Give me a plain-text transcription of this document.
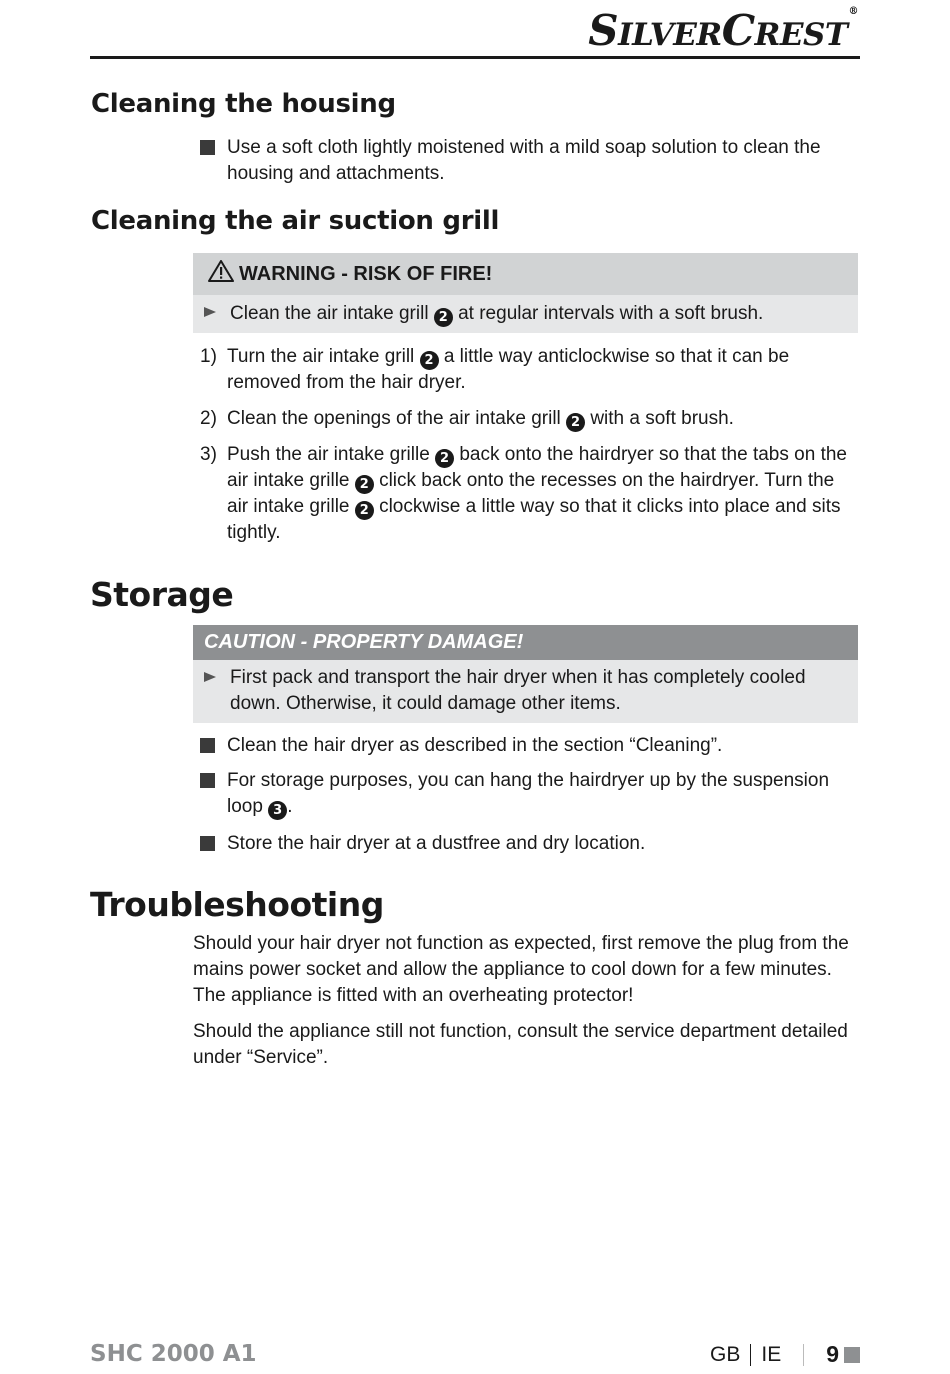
SILVERCREST®
Cleaning the housing
Use a soft cloth lightly moistened with a mild soap solution to clean the housing and attachments.
Cleaning the air suction grill
WARNING - RISK OF FIRE!
Clean the air intake grill 2 at regular intervals with a soft brush.
1) Turn the air intake grill 2 a little way anticlockwise so that it can be removed from the hair dryer.
2) Clean the openings of the air intake grill 2 with a soft brush.
3) Push the air intake grille 2 back onto the hairdryer so that the tabs on the air intake grille 2 click back onto the recesses on the hairdryer. Turn the air intake grille 2 clockwise a little way so that it clicks into place and sits tightly.
Storage
CAUTION - PROPERTY DAMAGE!
First pack and transport the hair dryer when it has completely cooled down. Otherwise, it could damage other items.
Clean the hair dryer as described in the section “Cleaning”.
For storage purposes, you can hang the hairdryer up by the suspension loop 3 .
Store the hair dryer at a dustfree and dry location.
Troubleshooting
Should your hair dryer not function as expected, first remove the plug from the mains power socket and allow the appliance to cool down for a few minutes. The appliance is fitted with an overheating protector!
Should the appliance still not function, consult the service department detailed under “Service”.
SHC 2000 A1	GB IE 9
